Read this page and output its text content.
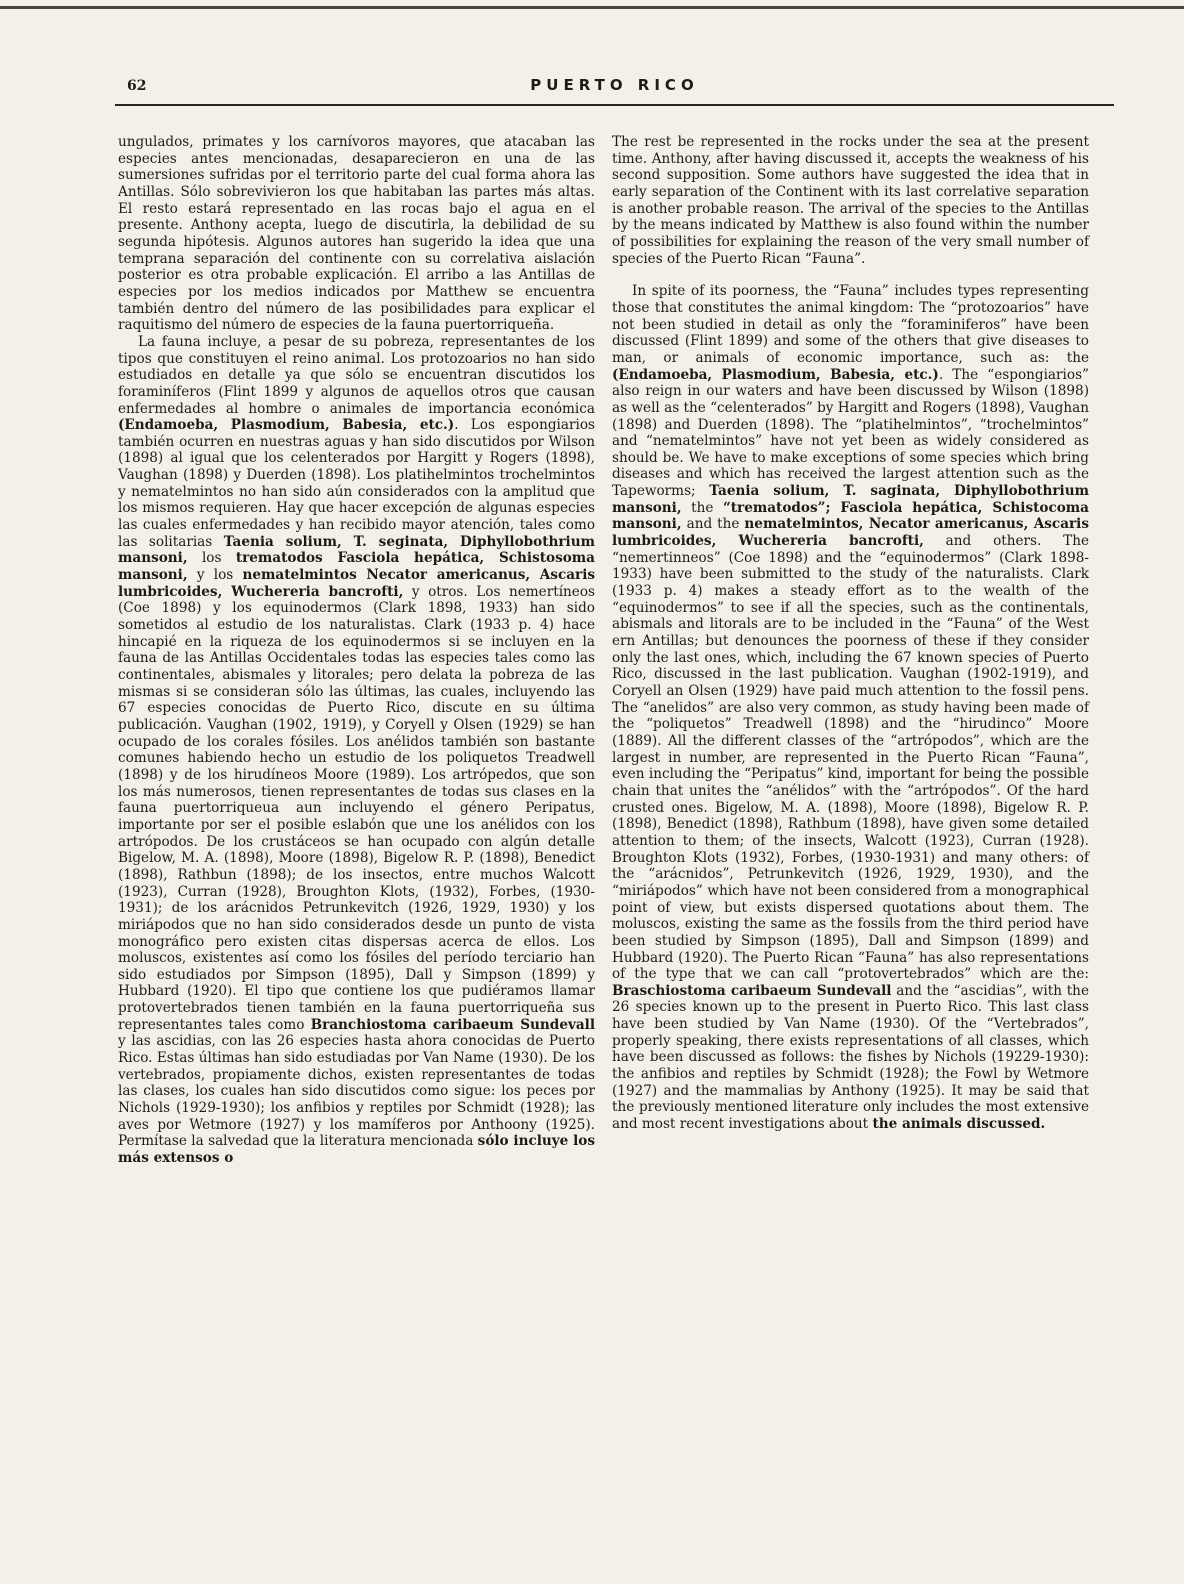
62	PUERTO RICO

ungulados, primates y los carnívoros mayores, que atacaban las especies antes mencionadas, desaparecieron en una de las sumersiones sufridas por el territorio parte del cual forma ahora las Antillas. Sólo sobrevivieron los que habitaban las partes más altas. El resto estará representado en las rocas bajo el agua en el presente. Anthony acepta, luego de discutirla, la debilidad de su segunda hipótesis. Algunos autores han sugerido la idea que una temprana separación del continente con su correlativa aislación posterior es otra probable explicación. El arribo a las Antillas de especies por los medios indicados por Matthew se encuentra también dentro del número de las posibilidades para explicar el raquitismo del número de especies de la fauna puertorriqueña.

La fauna incluye, a pesar de su pobreza, representantes de los tipos que constituyen el reino animal. Los protozoarios no han sido estudiados en detalle ya que sólo se encuentran discutidos los foraminíferos (Flint 1899 y algunos de aquellos otros que causan enfermedades al hombre o animales de importancia económica (Endamoeba, Plasmodium, Babesia, etc.). Los espongiarios también ocurren en nuestras aguas y han sido discutidos por Wilson (1898) al igual que los celenterados por Hargitt y Rogers (1898), Vaughan (1898) y Duerden (1898). Los platihelmintos trochelmintos y nematelmintos no han sido aún considerados con la amplitud que los mismos requieren. Hay que hacer excepción de algunas especies las cuales enfermedades y han recibido mayor atención, tales como las solitarias Taenia solium, T. seginata, Diphyllobothrium mansoni, los trematodos Fasciola hepática, Schistosoma mansoni, y los nematelmintos Necator americanus, Ascaris lumbricoides, Wuchereria bancrofti, y otros. Los nemertíneos (Coe 1898) y los equinodermos (Clark 1898, 1933) han sido sometidos al estudio de los naturalistas. Clark (1933 p. 4) hace hincapié en la riqueza de los equinodermos si se incluyen en la fauna de las Antillas Occidentales todas las especies tales como las continentales, abismales y litorales; pero delata la pobreza de las mismas si se consideran sólo las últimas, las cuales, incluyendo las 67 especies conocidas de Puerto Rico, discute en su última publicación. Vaughan (1902, 1919), y Coryell y Olsen (1929) se han ocupado de los corales fósiles. Los anélidos también son bastante comunes habiendo hecho un estudio de los poliquetos Treadwell (1898) y de los hirudíneos Moore (1989). Los artrópedos, que son los más numerosos, tienen representantes de todas sus clases en la fauna puertorriqueua aun incluyendo el género Peripatus, importante por ser el posible eslabón que une los anélidos con los artrópodos. De los crustáceos se han ocupado con algún detalle Bigelow, M. A. (1898), Moore (1898), Bigelow R. P. (1898), Benedict (1898), Rathbun (1898); de los insectos, entre muchos Walcott (1923), Curran (1928), Broughton Klots, (1932), Forbes, (1930-1931); de los arácnidos Petrunkevitch (1926, 1929, 1930) y los miriápodos que no han sido considerados desde un punto de vista monográfico pero existen citas dispersas acerca de ellos. Los moluscos, existentes así como los fósiles del período terciario han sido estudiados por Simpson (1895), Dall y Simpson (1899) y Hubbard (1920). El tipo que contiene los que pudiéramos llamar protovertebrados tienen también en la fauna puertorriqueña sus representantes tales como Branchiostoma caribaeum Sundevall y las ascidias, con las 26 especies hasta ahora conocidas de Puerto Rico. Estas últimas han sido estudiadas por Van Name (1930). De los vertebrados, propiamente dichos, existen representantes de todas las clases, los cuales han sido discutidos como sigue: los peces por Nichols (1929-1930); los anfibios y reptiles por Schmidt (1928); las aves por Wetmore (1927) y los mamíferos por Anthoony (1925). Permítase la salvedad que la literatura mencionada sólo incluye los más extensos o

The rest be represented in the rocks under the sea at the present time. Anthony, after having discussed it, accepts the weakness of his second supposition. Some authors have suggested the idea that in early separation of the Continent with its last correlative separation is another probable reason. The arrival of the species to the Antillas by the means indicated by Matthew is also found within the number of possibilities for explaining the reason of the very small number of species of the Puerto Rican “Fauna”.

In spite of its poorness, the “Fauna” includes types representing those that constitutes the animal kingdom: The “protozoarios” have not been studied in detail as only the “foraminiferos” have been discussed (Flint 1899) and some of the others that give diseases to man, or animals of economic importance, such as: the (Endamoeba, Plasmodium, Babesia, etc.). The “espongiarios” also reign in our waters and have been discussed by Wilson (1898) as well as the “celenterados” by Hargitt and Rogers (1898), Vaughan (1898) and Duerden (1898). The “platihelmintos”, “trochelmintos” and “nematelmintos” have not yet been as widely considered as should be. We have to make exceptions of some species which bring diseases and which has received the largest attention such as the Tapeworms; Taenia solium, T. saginata, Diphyllobothrium mansoni, the “trematodos”; Fasciola hepática, Schistocoma mansoni, and the nematelmintos, Necator americanus, Ascaris lumbricoides, Wuchereria bancrofti, and others. The “nemertinneos” (Coe 1898) and the “equinodermos” (Clark 1898-1933) have been submitted to the study of the naturalists. Clark (1933 p. 4) makes a steady effort as to the wealth of the “equinodermos” to see if all the species, such as the continentals, abismals and litorals are to be included in the “Fauna” of the West ern Antillas; but denounces the poorness of these if they consider only the last ones, which, including the 67 known species of Puerto Rico, discussed in the last publication. Vaughan (1902-1919), and Coryell an Olsen (1929) have paid much attention to the fossil pens. The “anelidos” are also very common, as study having been made of the “poliquetos” Treadwell (1898) and the “hirudinco” Moore (1889). All the different classes of the “artrópodos”, which are the largest in number, are represented in the Puerto Rican “Fauna”, even including the “Peripatus” kind, important for being the possible chain that unites the “anélidos” with the “artrópodos”. Of the hard crusted ones. Bigelow, M. A. (1898), Moore (1898), Bigelow R. P. (1898), Benedict (1898), Rathbum (1898), have given some detailed attention to them; of the insects, Walcott (1923), Curran (1928). Broughton Klots (1932), Forbes, (1930-1931) and many others: of the “arácnidos”, Petrunkevitch (1926, 1929, 1930), and the “miriápodos” which have not been considered from a monographical point of view, but exists dispersed quotations about them. The moluscos, existing the same as the fossils from the third period have been studied by Simpson (1895), Dall and Simpson (1899) and Hubbard (1920). The Puerto Rican “Fauna” has also representations of the type that we can call “protovertebrados” which are the: Braschiostoma caribaeum Sundevall and the “ascidias”, with the 26 species known up to the present in Puerto Rico. This last class have been studied by Van Name (1930). Of the “Vertebrados”, properly speaking, there exists representations of all classes, which have been discussed as follows: the fishes by Nichols (19229-1930): the anfibios and reptiles by Schmidt (1928); the Fowl by Wetmore (1927) and the mammalias by Anthony (1925). It may be said that the previously mentioned literature only includes the most extensive and most recent investigations about the animals discussed.
